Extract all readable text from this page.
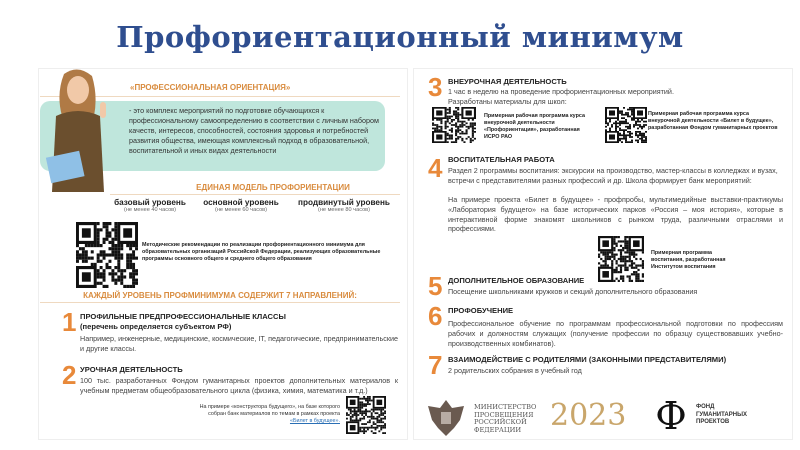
Профориентационный минимум
«ПРОФЕССИОНАЛЬНАЯ ОРИЕНТАЦИЯ»
- это комплекс мероприятий по подготовке обучающихся к профессиональному самоопределению в соответствии с личным набором качеств, интересов, способностей, состояния здоровья и потребностей развития общества, имеющая комплексный подход в образовательной, воспитательной и иных видах деятельности
ЕДИНАЯ МОДЕЛЬ ПРОФОРИЕНТАЦИИ
базовый уровень
(не менее 40 часов)
основной уровень
(не менее 60 часов)
продвинутый уровень
(не менее 80 часов)
Методические рекомендации по реализации профориентационного минимума для образовательных организаций Российской Федерации, реализующих образовательные программы основного общего и среднего общего образования
КАЖДЫЙ УРОВЕНЬ ПРОФМИНИМУМА СОДЕРЖИТ 7 НАПРАВЛЕНИЙ:
1 ПРОФИЛЬНЫЕ ПРЕДПРОФЕССИОНАЛЬНЫЕ КЛАССЫ (перечень определяется субъектом РФ)
Например, инженерные, медицинские, космические, IT, педагогические, предпринимательские и другие классы.
2 УРОЧНАЯ ДЕЯТЕЛЬНОСТЬ
100 тыс. разработанных Фондом гуманитарных проектов дополнительных материалов к учебным предметам общеобразовательного цикла (физика, химия, математика и т.д.)
На примере «конструктора будущего», на базе которого собран банк материалов по темам в рамках проекта «Билет в будущее».
3 ВНЕУРОЧНАЯ ДЕЯТЕЛЬНОСТЬ
1 час в неделю на проведение профориентационных мероприятий. Разработаны материалы для школ:
Примерная рабочая программа курса внеурочной деятельности «Профориентация», разработанная ИСРО РАО
Примерная рабочая программа курса внеурочной деятельности «Билет в будущее», разработанная Фондом гуманитарных проектов
4 ВОСПИТАТЕЛЬНАЯ РАБОТА
Раздел 2 программы воспитания: экскурсии на производство, мастер-классы в колледжах и вузах, встречи с представителями разных профессий и др. Школа формирует банк мероприятий:
На примере проекта «Билет в будущее» - профпробы, мультимедийные выставки-практикумы «Лаборатория будущего» на базе исторических парков «Россия – моя история», которые в интерактивной форме знакомят школьников с рынком труда, различными отраслями и профессиями.
Примерная программа воспитания, разработанная Институтом воспитания
5 ДОПОЛНИТЕЛЬНОЕ ОБРАЗОВАНИЕ
Посещение школьниками кружков и секций дополнительного образования
6 ПРОФОБУЧЕНИЕ
Профессиональное обучение по программам профессиональной подготовки по профессиям рабочих и должностям служащих (получение профессии по образцу существовавших учебно-производственных комбинатов).
7 ВЗАИМОДЕЙСТВИЕ С РОДИТЕЛЯМИ (ЗАКОННЫМИ ПРЕДСТАВИТЕЛЯМИ)
2 родительских собрания в учебный год
МИНИСТЕРСТВО ПРОСВЕЩЕНИЯ РОССИЙСКОЙ ФЕДЕРАЦИИ 2023 Ф	ФОНД ГУМАНИТАРНЫХ ПРОЕКТОВ
